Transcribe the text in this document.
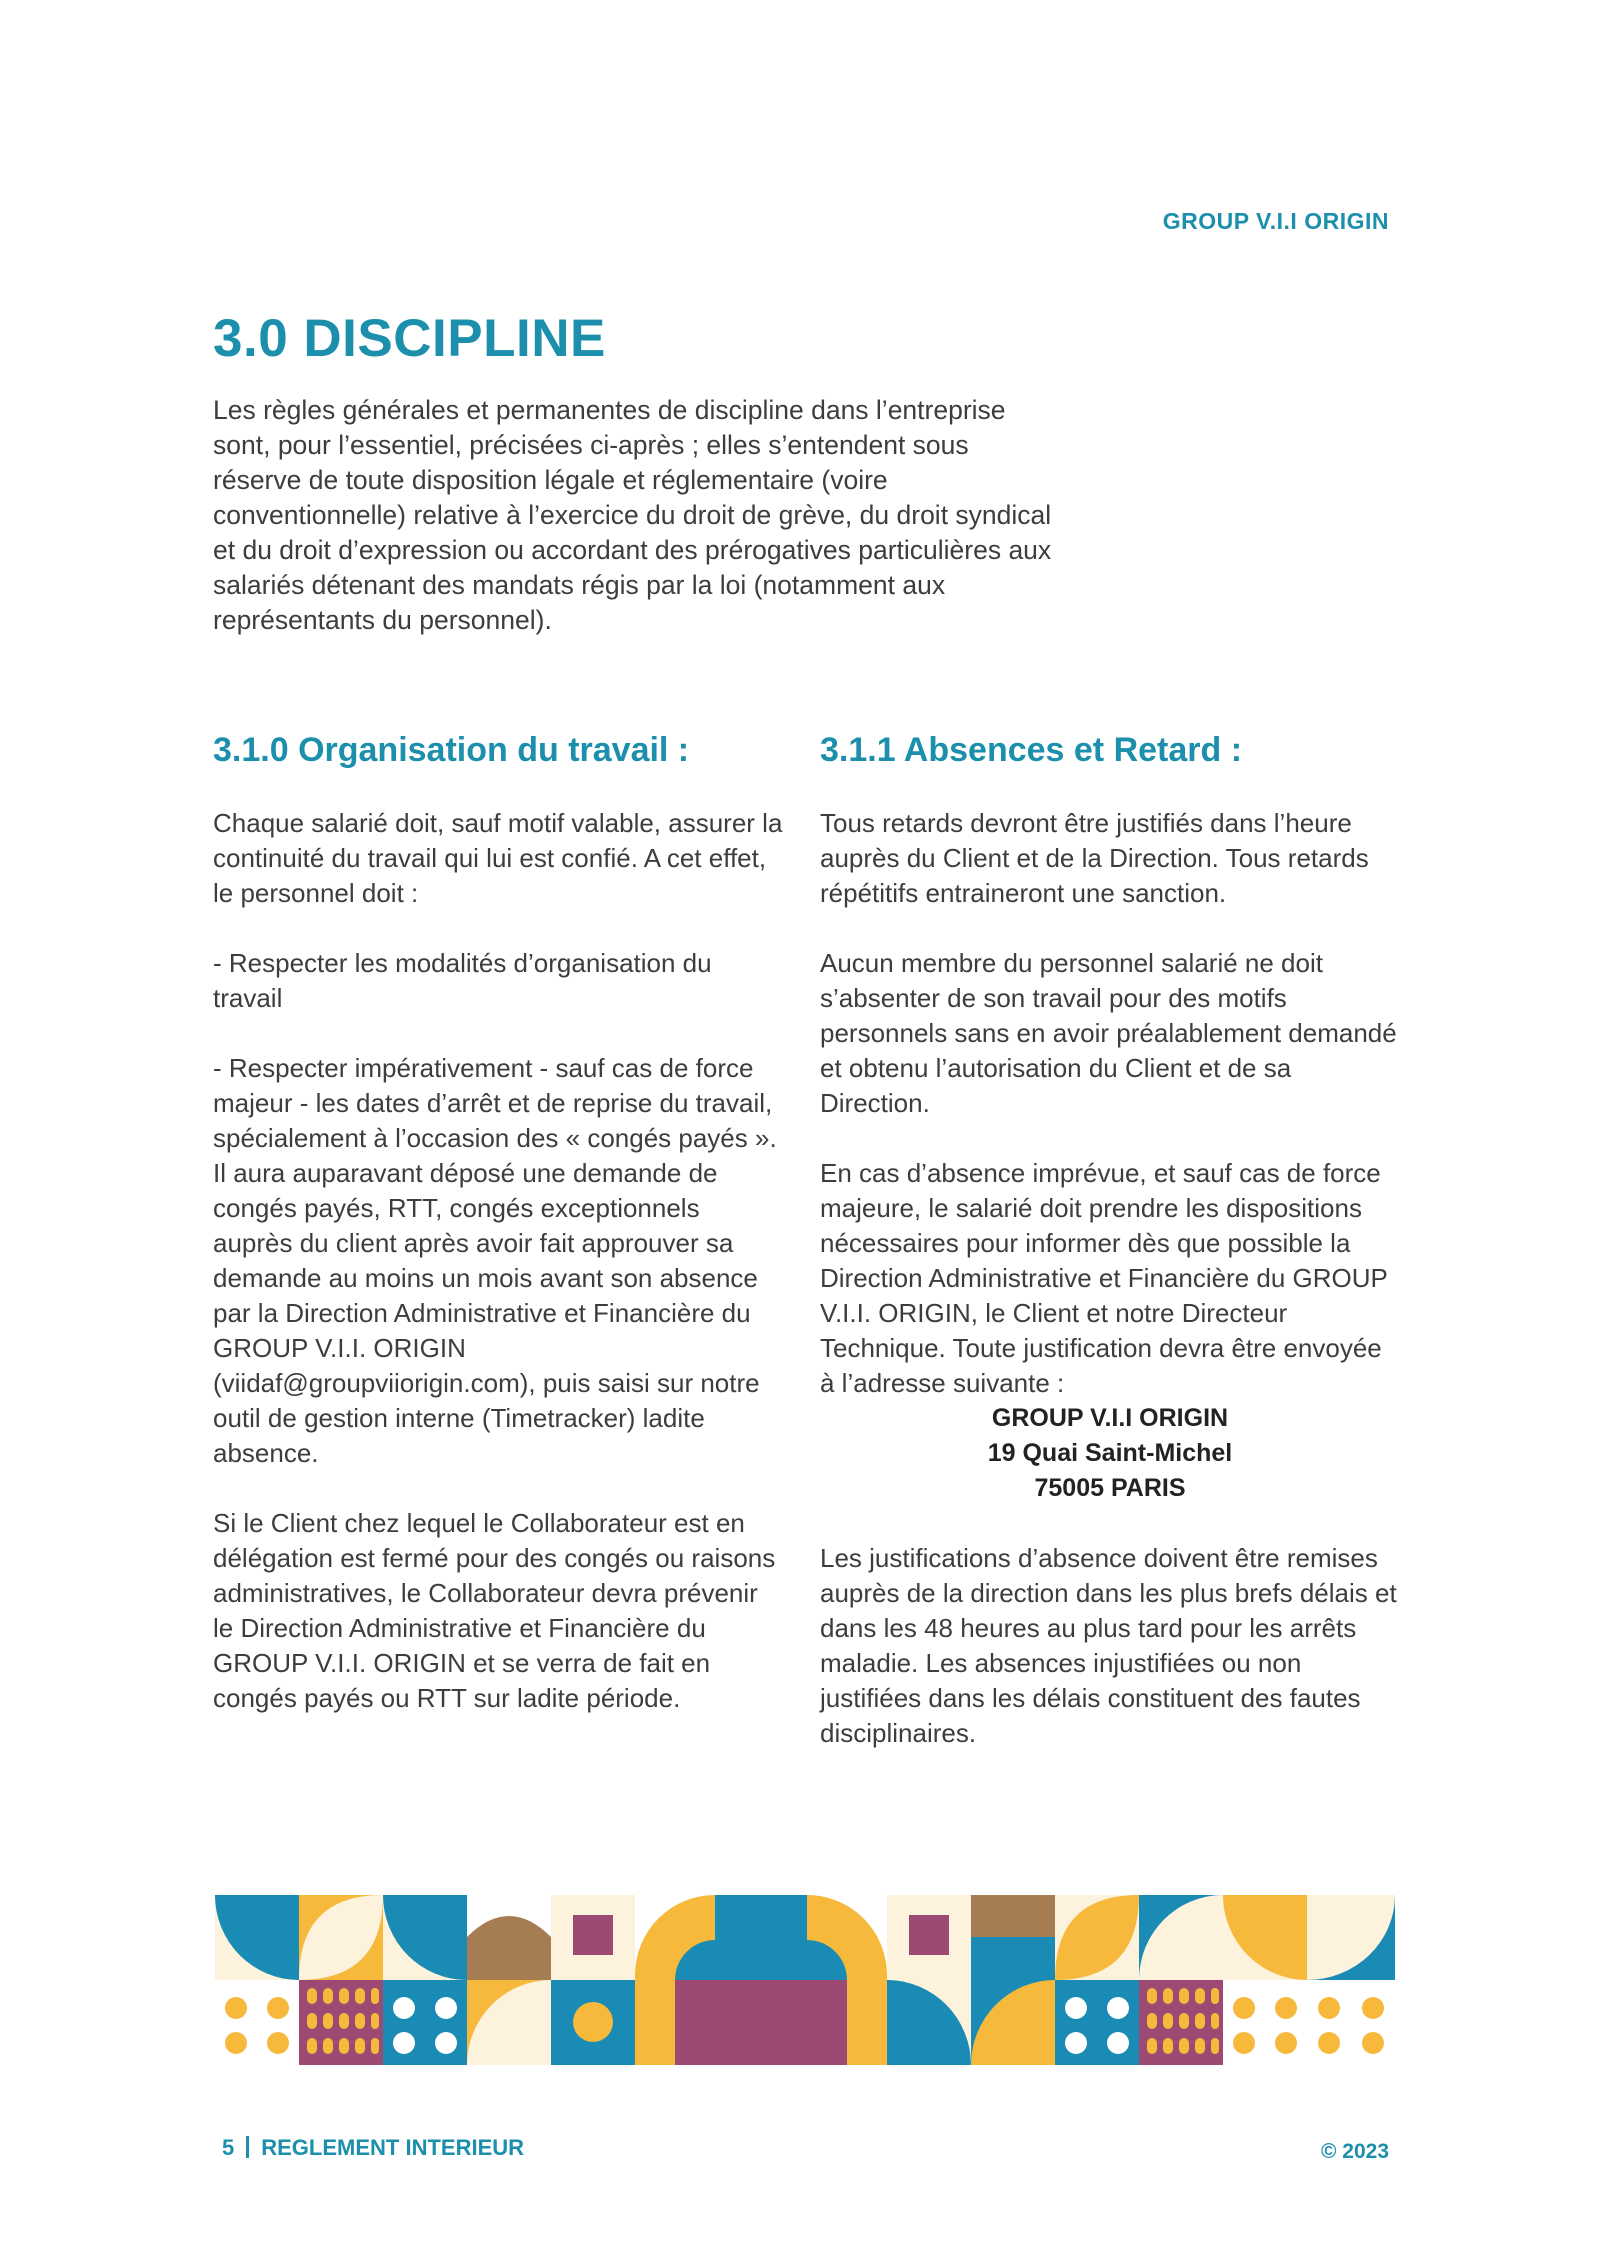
GROUP V.I.I ORIGIN
3.0 DISCIPLINE

Les règles générales et permanentes de discipline dans l’entreprise sont, pour l’essentiel, précisées ci-après ; elles s’entendent sous réserve de toute disposition légale et réglementaire (voire conventionnelle) relative à l’exercice du droit de grève, du droit syndical et du droit d’expression ou accordant des prérogatives particulières aux salariés détenant des mandats régis par la loi (notamment aux représentants du personnel).

3.1.0 Organisation du travail :

Chaque salarié doit, sauf motif valable, assurer la continuité du travail qui lui est confié. A cet effet, le personnel doit :

- Respecter les modalités d’organisation du travail

- Respecter impérativement - sauf cas de force majeur - les dates d’arrêt et de reprise du travail, spécialement à l’occasion des « congés payés ». Il aura auparavant déposé une demande de congés payés, RTT, congés exceptionnels auprès du client après avoir fait approuver sa demande au moins un mois avant son absence par la Direction Administrative et Financière du GROUP V.I.I. ORIGIN (viidaf@groupviiorigin.com), puis saisi sur notre outil de gestion interne (Timetracker) ladite absence.

Si le Client chez lequel le Collaborateur est en délégation est fermé pour des congés ou raisons administratives, le Collaborateur devra prévenir le Direction Administrative et Financière du GROUP V.I.I. ORIGIN et se verra de fait en congés payés ou RTT sur ladite période.

3.1.1 Absences et Retard :

Tous retards devront être justifiés dans l’heure auprès du Client et de la Direction. Tous retards répétitifs entraineront une sanction.

Aucun membre du personnel salarié ne doit s’absenter de son travail pour des motifs personnels sans en avoir préalablement demandé et obtenu l’autorisation du Client et de sa Direction.

En cas d’absence imprévue, et sauf cas de force majeure, le salarié doit prendre les dispositions nécessaires pour informer dès que possible la Direction Administrative et Financière du GROUP V.I.I. ORIGIN, le Client et notre Directeur Technique. Toute justification devra être envoyée à l’adresse suivante :

GROUP V.I.I ORIGIN
19 Quai Saint-Michel
75005 PARIS

Les justifications d’absence doivent être remises auprès de la direction dans les plus brefs délais et dans les 48 heures au plus tard pour les arrêts maladie. Les absences injustifiées ou non justifiées dans les délais constituent des fautes disciplinaires.

5 REGLEMENT INTERIEUR	© 2023
